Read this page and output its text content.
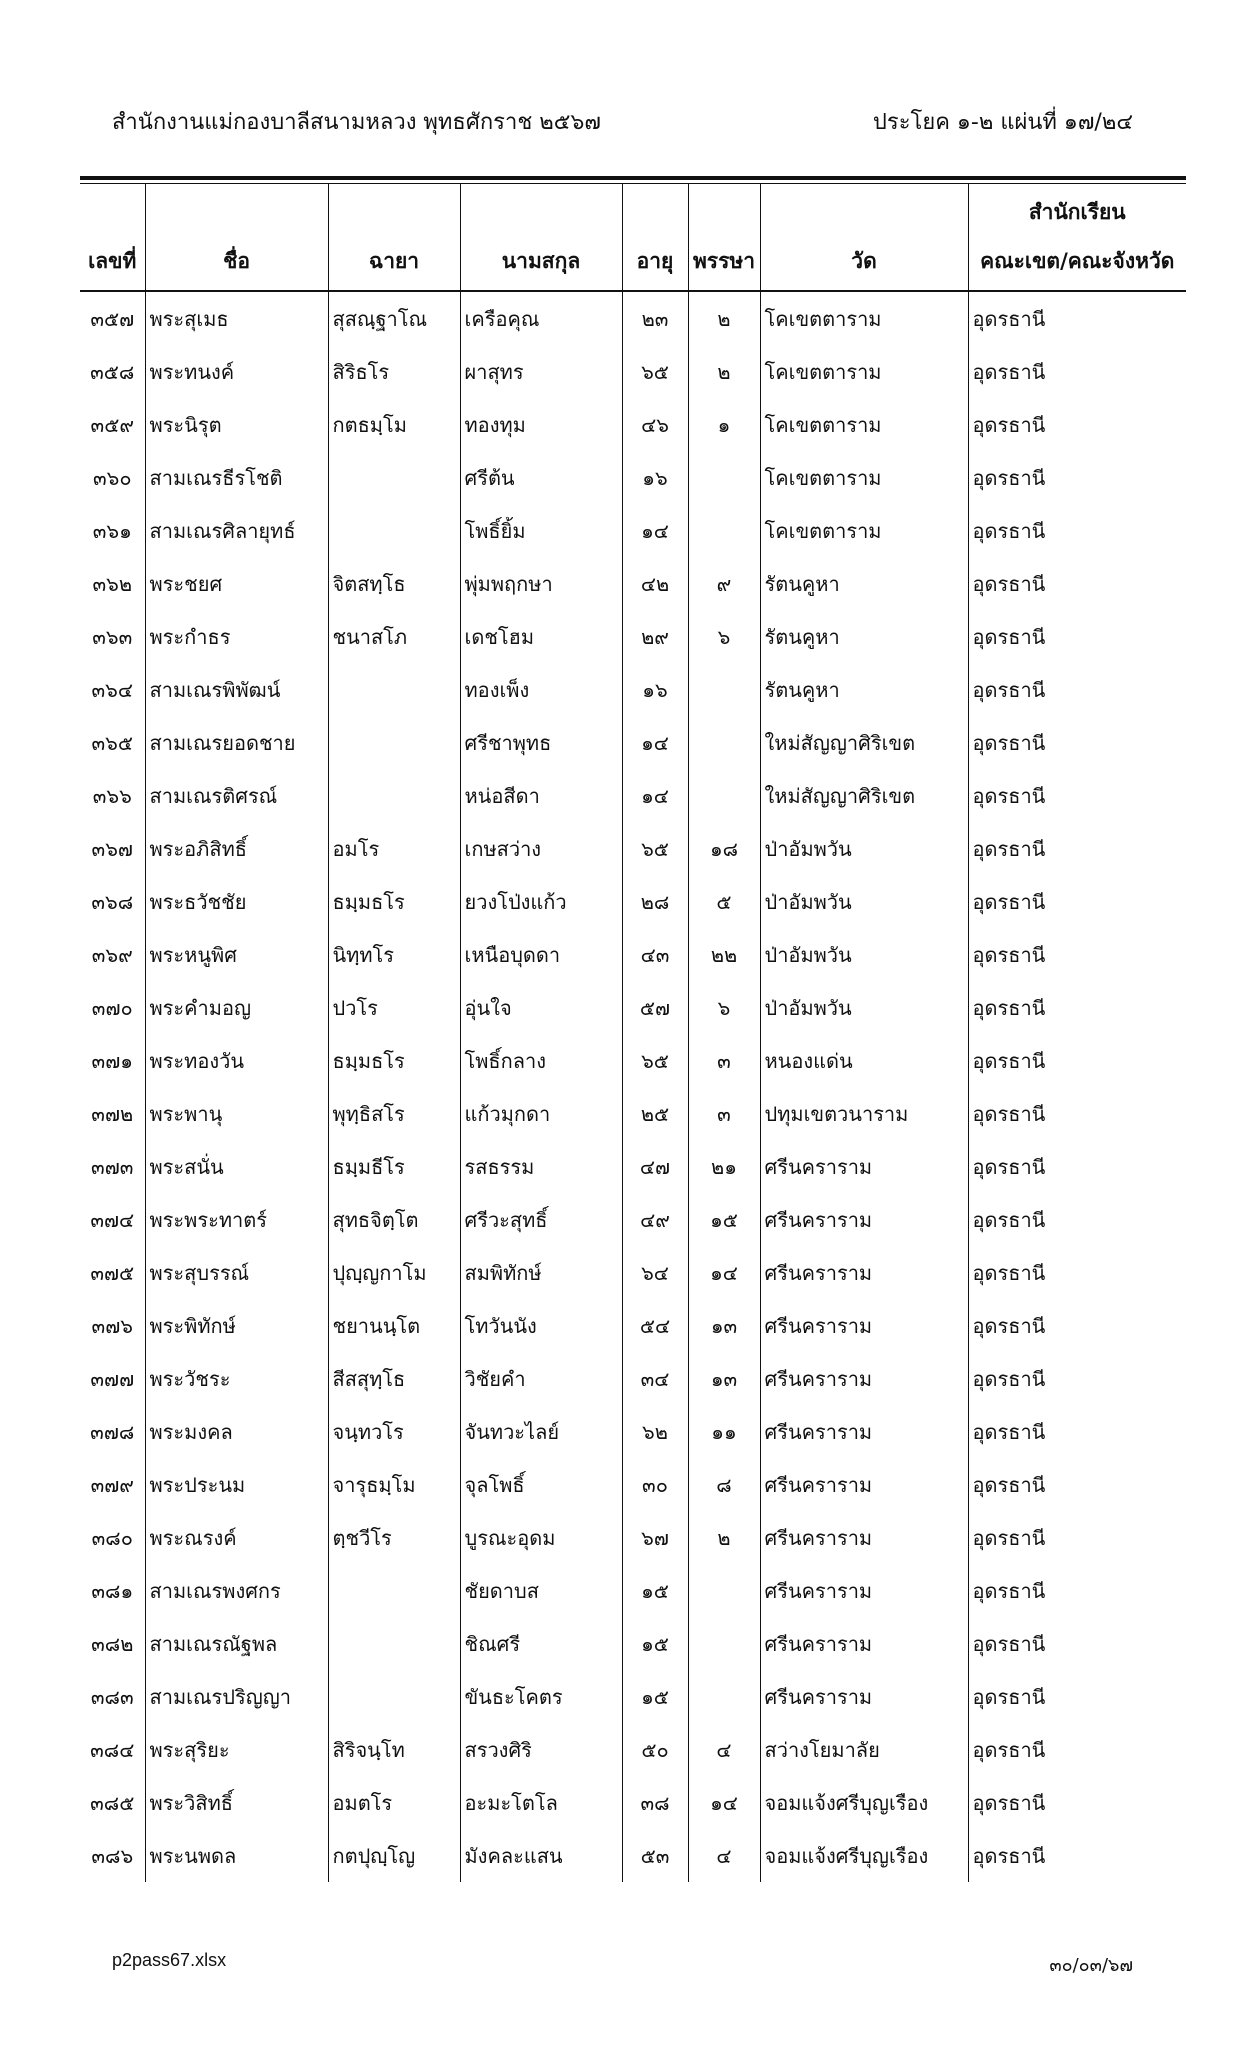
สำนักงานแม่กองบาลีสนามหลวง พุทธศักราช ๒๕๖๗	ประโยค ๑-๒ แผ่นที่ ๑๗/๒๔
เลขที่	ชื่อ	ฉายา	นามสกุล	อายุ	พรรษา	วัด	สำนักเรียน
คณะเขต/คณะจังหวัด
๓๕๗	พระสุเมธ	สุสณฺฐาโณ	เครือคุณ	๒๓	๒	โคเขตตาราม	อุดรธานี
๓๕๘	พระทนงค์	สิริธโร	ผาสุทร	๖๕	๒	โคเขตตาราม	อุดรธานี
๓๕๙	พระนิรุต	กตธมฺโม	ทองทุม	๔๖	๑	โคเขตตาราม	อุดรธานี
๓๖๐	สามเณรธีรโชติ		ศรีต้น	๑๖		โคเขตตาราม	อุดรธานี
๓๖๑	สามเณรศิลายุทธ์		โพธิ์ยิ้ม	๑๔		โคเขตตาราม	อุดรธานี
๓๖๒	พระชยศ	จิตสทฺโธ	พุ่มพฤกษา	๔๒	๙	รัตนคูหา	อุดรธานี
๓๖๓	พระกำธร	ชนาสโภ	เดชโฮม	๒๙	๖	รัตนคูหา	อุดรธานี
๓๖๔	สามเณรพิพัฒน์		ทองเพ็ง	๑๖		รัตนคูหา	อุดรธานี
๓๖๕	สามเณรยอดชาย		ศรีชาพุทธ	๑๔		ใหม่สัญญาศิริเขต	อุดรธานี
๓๖๖	สามเณรติศรณ์		หน่อสีดา	๑๔		ใหม่สัญญาศิริเขต	อุดรธานี
๓๖๗	พระอภิสิทธิ์	อมโร	เกษสว่าง	๖๕	๑๘	ป่าอัมพวัน	อุดรธานี
๓๖๘	พระธวัชชัย	ธมฺมธโร	ยวงโป่งแก้ว	๒๘	๕	ป่าอัมพวัน	อุดรธานี
๓๖๙	พระหนูพิศ	นิทฺทโร	เหนือบุดดา	๔๓	๒๒	ป่าอัมพวัน	อุดรธานี
๓๗๐	พระคำมอญ	ปวโร	อุ่นใจ	๕๗	๖	ป่าอัมพวัน	อุดรธานี
๓๗๑	พระทองวัน	ธมฺมธโร	โพธิ์กลาง	๖๕	๓	หนองแด่น	อุดรธานี
๓๗๒	พระพานุ	พุทฺธิสโร	แก้วมุกดา	๒๕	๓	ปทุมเขตวนาราม	อุดรธานี
๓๗๓	พระสนั่น	ธมฺมธีโร	รสธรรม	๔๗	๒๑	ศรีนคราราม	อุดรธานี
๓๗๔	พระพระทาตร์	สุทธจิตฺโต	ศรีวะสุทธิ์	๔๙	๑๕	ศรีนคราราม	อุดรธานี
๓๗๕	พระสุบรรณ์	ปุญฺญกาโม	สมพิทักษ์	๖๔	๑๔	ศรีนคราราม	อุดรธานี
๓๗๖	พระพิทักษ์	ชยานนฺโต	โทวันนัง	๕๔	๑๓	ศรีนคราราม	อุดรธานี
๓๗๗	พระวัชระ	สีสสุทฺโธ	วิชัยคำ	๓๔	๑๓	ศรีนคราราม	อุดรธานี
๓๗๘	พระมงคล	จนฺทวโร	จันทวะไลย์	๖๒	๑๑	ศรีนคราราม	อุดรธานี
๓๗๙	พระประนม	จารุธมฺโม	จุลโพธิ์	๓๐	๘	ศรีนคราราม	อุดรธานี
๓๘๐	พระณรงค์	ตฺชวีโร	บูรณะอุดม	๖๗	๒	ศรีนคราราม	อุดรธานี
๓๘๑	สามเณรพงศกร		ชัยดาบส	๑๕		ศรีนคราราม	อุดรธานี
๓๘๒	สามเณรณัฐพล		ชิณศรี	๑๕		ศรีนคราราม	อุดรธานี
๓๘๓	สามเณรปริญญา		ขันธะโคตร	๑๕		ศรีนคราราม	อุดรธานี
๓๘๔	พระสุริยะ	สิริจนฺโท	สรวงศิริ	๕๐	๔	สว่างโยมาลัย	อุดรธานี
๓๘๕	พระวิสิทธิ์	อมตโร	อะมะโตโล	๓๘	๑๔	จอมแจ้งศรีบุญเรือง	อุดรธานี
๓๘๖	พระนพดล	กตปุญฺโญ	มังคละแสน	๕๓	๔	จอมแจ้งศรีบุญเรือง	อุดรธานี
p2pass67.xlsx	๓๐/๐๓/๖๗
